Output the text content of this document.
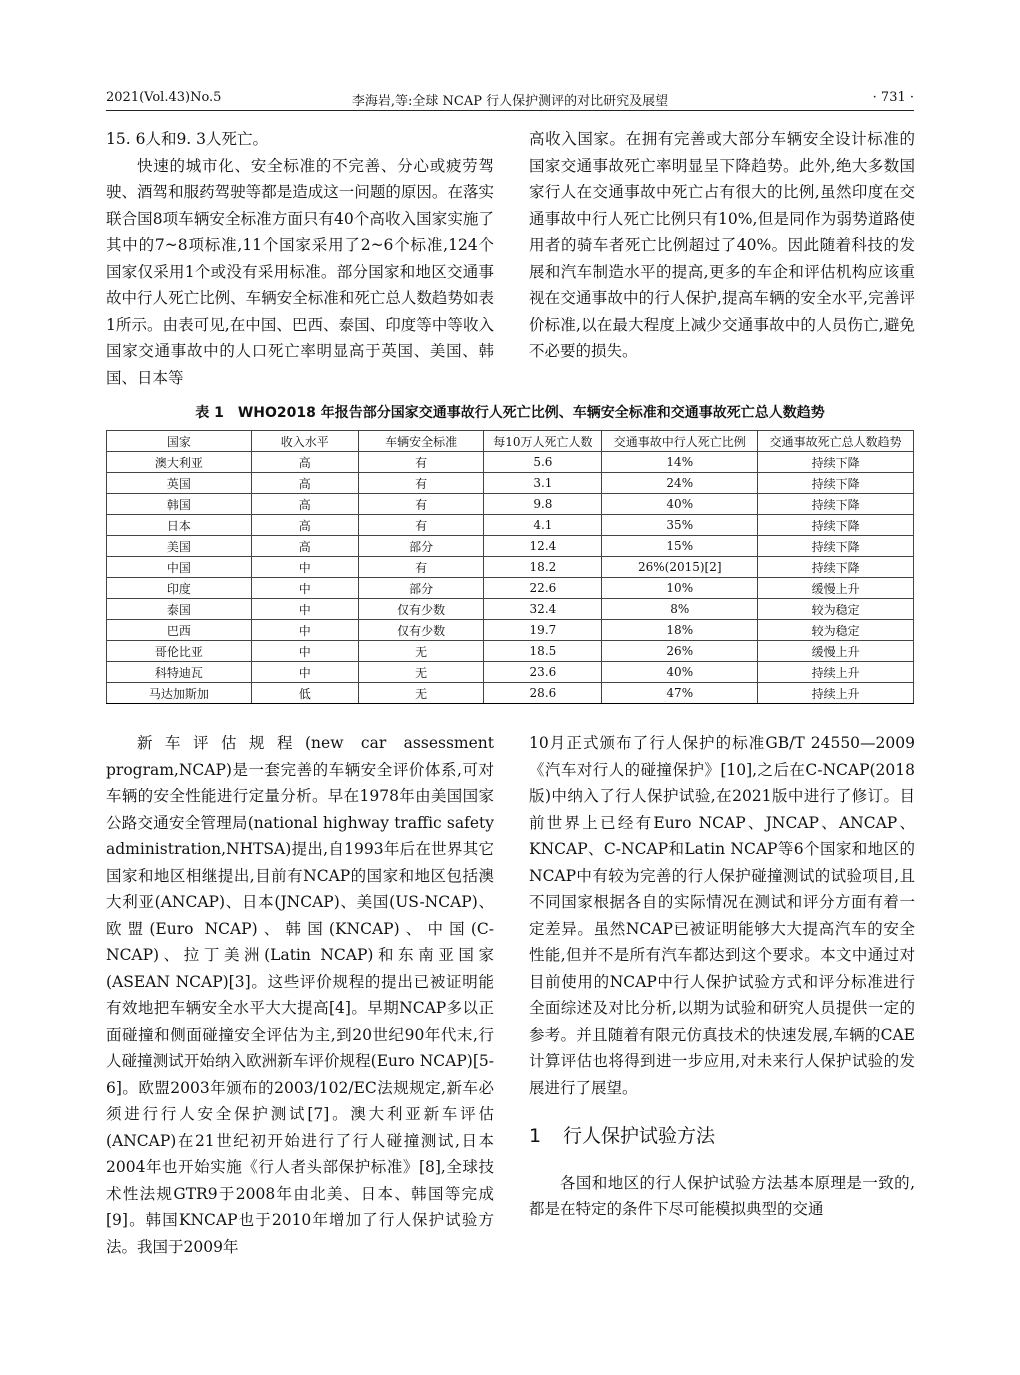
2021(Vol.43)No.5	李海岩,等:全球 NCAP 行人保护测评的对比研究及展望	· 731 ·

15. 6人和9. 3人死亡。

快速的城市化、安全标准的不完善、分心或疲劳驾驶、酒驾和服药驾驶等都是造成这一问题的原因。在落实联合国8项车辆安全标准方面只有40个高收入国家实施了其中的7~8项标准,11个国家采用了2~6个标准,124个国家仅采用1个或没有采用标准。部分国家和地区交通事故中行人死亡比例、车辆安全标准和死亡总人数趋势如表1所示。由表可见,在中国、巴西、泰国、印度等中等收入国家交通事故中的人口死亡率明显高于英国、美国、韩国、日本等

高收入国家。在拥有完善或大部分车辆安全设计标准的国家交通事故死亡率明显呈下降趋势。此外,绝大多数国家行人在交通事故中死亡占有很大的比例,虽然印度在交通事故中行人死亡比例只有10%,但是同作为弱势道路使用者的骑车者死亡比例超过了40%。因此随着科技的发展和汽车制造水平的提高,更多的车企和评估机构应该重视在交通事故中的行人保护,提高车辆的安全水平,完善评价标准,以在最大程度上减少交通事故中的人员伤亡,避免不必要的损失。

表 1　WHO2018 年报告部分国家交通事故行人死亡比例、车辆安全标准和交通事故死亡总人数趋势
国家	收入水平	车辆安全标准	每10万人死亡人数	交通事故中行人死亡比例	交通事故死亡总人数趋势
澳大利亚	高	有	5.6	14%	持续下降
英国	高	有	3.1	24%	持续下降
韩国	高	有	9.8	40%	持续下降
日本	高	有	4.1	35%	持续下降
美国	高	部分	12.4	15%	持续下降
中国	中	有	18.2	26%(2015)[2]	持续下降
印度	中	部分	22.6	10%	缓慢上升
泰国	中	仅有少数	32.4	8%	较为稳定
巴西	中	仅有少数	19.7	18%	较为稳定
哥伦比亚	中	无	18.5	26%	缓慢上升
科特迪瓦	中	无	23.6	40%	持续上升
马达加斯加	低	无	28.6	47%	持续上升

新车评估规程(new car assessment program,NCAP)是一套完善的车辆安全评价体系,可对车辆的安全性能进行定量分析。早在1978年由美国国家公路交通安全管理局(national highway traffic safety administration,NHTSA)提出,自1993年后在世界其它国家和地区相继提出,目前有NCAP的国家和地区包括澳大利亚(ANCAP)、日本(JNCAP)、美国(US-NCAP)、欧盟(Euro NCAP)、韩国(KNCAP)、中国(C-NCAP)、拉丁美洲(Latin NCAP)和东南亚国家(ASEAN NCAP)[3]。这些评价规程的提出已被证明能有效地把车辆安全水平大大提高[4]。早期NCAP多以正面碰撞和侧面碰撞安全评估为主,到20世纪90年代末,行人碰撞测试开始纳入欧洲新车评价规程(Euro NCAP)[5-6]。欧盟2003年颁布的2003/102/EC法规规定,新车必须进行行人安全保护测试[7]。澳大利亚新车评估(ANCAP)在21世纪初开始进行了行人碰撞测试,日本2004年也开始实施《行人者头部保护标准》[8],全球技术性法规GTR9于2008年由北美、日本、韩国等完成[9]。韩国KNCAP也于2010年增加了行人保护试验方法。我国于2009年

10月正式颁布了行人保护的标准GB/T 24550—2009《汽车对行人的碰撞保护》[10],之后在C-NCAP(2018版)中纳入了行人保护试验,在2021版中进行了修订。目前世界上已经有Euro NCAP、JNCAP、ANCAP、KNCAP、C-NCAP和Latin NCAP等6个国家和地区的NCAP中有较为完善的行人保护碰撞测试的试验项目,且不同国家根据各自的实际情况在测试和评分方面有着一定差异。虽然NCAP已被证明能够大大提高汽车的安全性能,但并不是所有汽车都达到这个要求。本文中通过对目前使用的NCAP中行人保护试验方式和评分标准进行全面综述及对比分析,以期为试验和研究人员提供一定的参考。并且随着有限元仿真技术的快速发展,车辆的CAE计算评估也将得到进一步应用,对未来行人保护试验的发展进行了展望。

1 行人保护试验方法

各国和地区的行人保护试验方法基本原理是一致的,都是在特定的条件下尽可能模拟典型的交通
